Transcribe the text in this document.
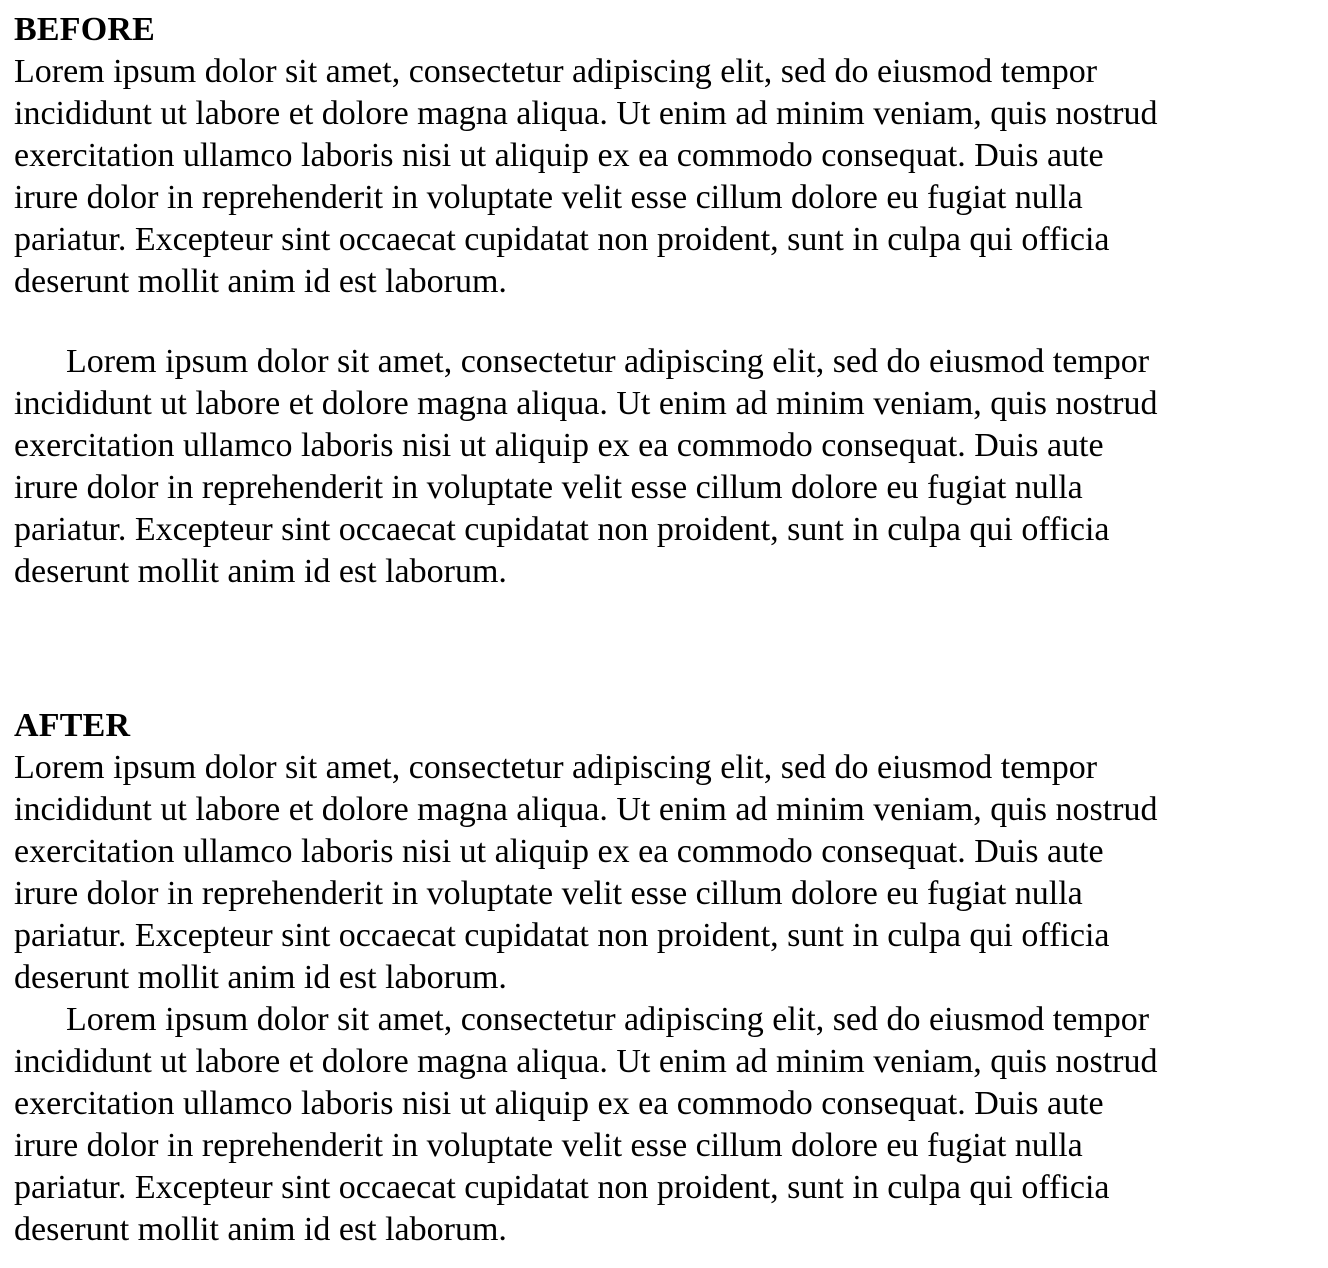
BEFORE
Lorem ipsum dolor sit amet, consectetur adipiscing elit, sed do eiusmod tempor
incididunt ut labore et dolore magna aliqua. Ut enim ad minim veniam, quis nostrud
exercitation ullamco laboris nisi ut aliquip ex ea commodo consequat. Duis aute
irure dolor in reprehenderit in voluptate velit esse cillum dolore eu fugiat nulla
pariatur. Excepteur sint occaecat cupidatat non proident, sunt in culpa qui officia
deserunt mollit anim id est laborum.
Lorem ipsum dolor sit amet, consectetur adipiscing elit, sed do eiusmod tempor
incididunt ut labore et dolore magna aliqua. Ut enim ad minim veniam, quis nostrud
exercitation ullamco laboris nisi ut aliquip ex ea commodo consequat. Duis aute
irure dolor in reprehenderit in voluptate velit esse cillum dolore eu fugiat nulla
pariatur. Excepteur sint occaecat cupidatat non proident, sunt in culpa qui officia
deserunt mollit anim id est laborum.
AFTER
Lorem ipsum dolor sit amet, consectetur adipiscing elit, sed do eiusmod tempor
incididunt ut labore et dolore magna aliqua. Ut enim ad minim veniam, quis nostrud
exercitation ullamco laboris nisi ut aliquip ex ea commodo consequat. Duis aute
irure dolor in reprehenderit in voluptate velit esse cillum dolore eu fugiat nulla
pariatur. Excepteur sint occaecat cupidatat non proident, sunt in culpa qui officia
deserunt mollit anim id est laborum.
Lorem ipsum dolor sit amet, consectetur adipiscing elit, sed do eiusmod tempor
incididunt ut labore et dolore magna aliqua. Ut enim ad minim veniam, quis nostrud
exercitation ullamco laboris nisi ut aliquip ex ea commodo consequat. Duis aute
irure dolor in reprehenderit in voluptate velit esse cillum dolore eu fugiat nulla
pariatur. Excepteur sint occaecat cupidatat non proident, sunt in culpa qui officia
deserunt mollit anim id est laborum.
